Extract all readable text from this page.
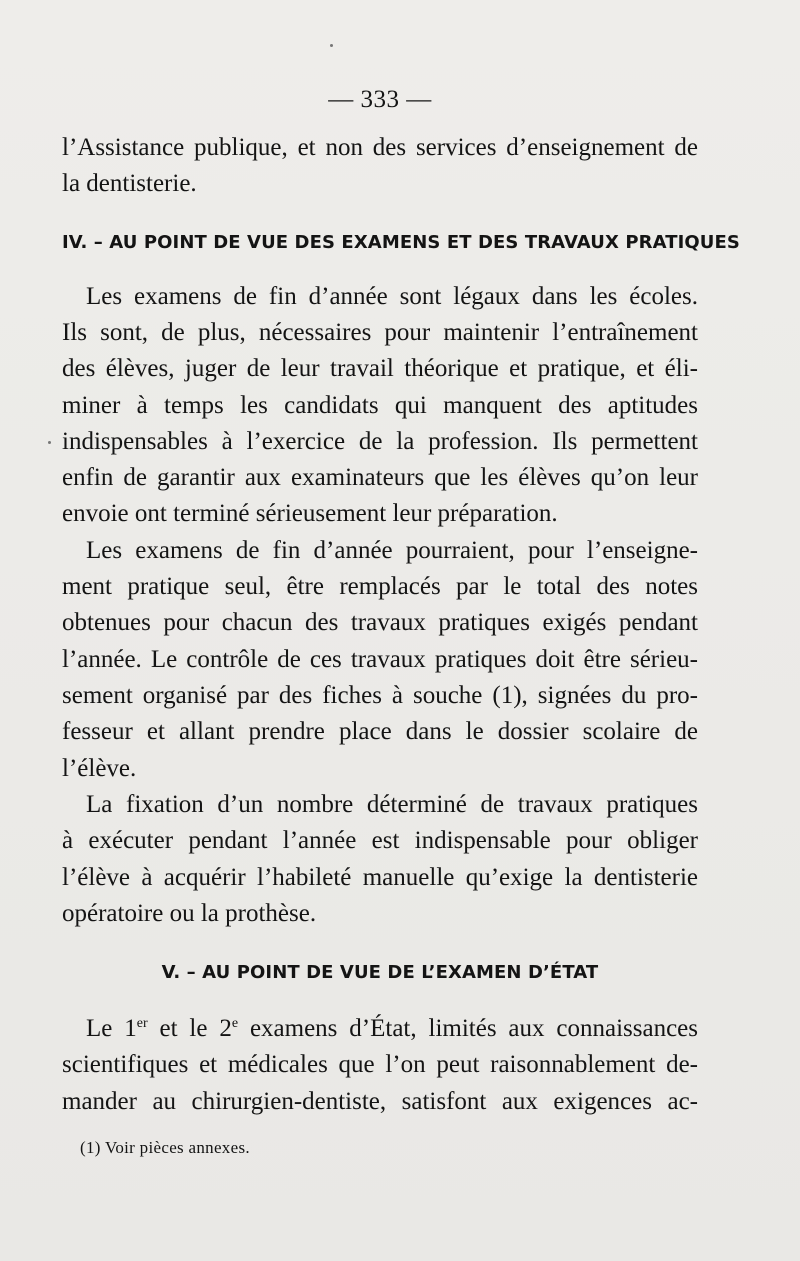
— 333 —
l’Assistance publique, et non des services d’enseignement de
la dentisterie.
IV. – AU POINT DE VUE DES EXAMENS ET DES TRAVAUX PRATIQUES
Les examens de fin d’année sont légaux dans les écoles.
Ils sont, de plus, nécessaires pour maintenir l’entraînement
des élèves, juger de leur travail théorique et pratique, et éli-
miner à temps les candidats qui manquent des aptitudes
indispensables à l’exercice de la profession. Ils permettent
enfin de garantir aux examinateurs que les élèves qu’on leur
envoie ont terminé sérieusement leur préparation.
Les examens de fin d’année pourraient, pour l’enseigne-
ment pratique seul, être remplacés par le total des notes
obtenues pour chacun des travaux pratiques exigés pendant
l’année. Le contrôle de ces travaux pratiques doit être sérieu-
sement organisé par des fiches à souche (1), signées du pro-
fesseur et allant prendre place dans le dossier scolaire de
l’élève.
La fixation d’un nombre déterminé de travaux pratiques
à exécuter pendant l’année est indispensable pour obliger
l’élève à acquérir l’habileté manuelle qu’exige la dentisterie
opératoire ou la prothèse.
V. – AU POINT DE VUE DE L’EXAMEN D’ÉTAT
Le 1er et le 2e examens d’État, limités aux connaissances
scientifiques et médicales que l’on peut raisonnablement de-
mander au chirurgien-dentiste, satisfont aux exigences ac-
(1) Voir pièces annexes.
